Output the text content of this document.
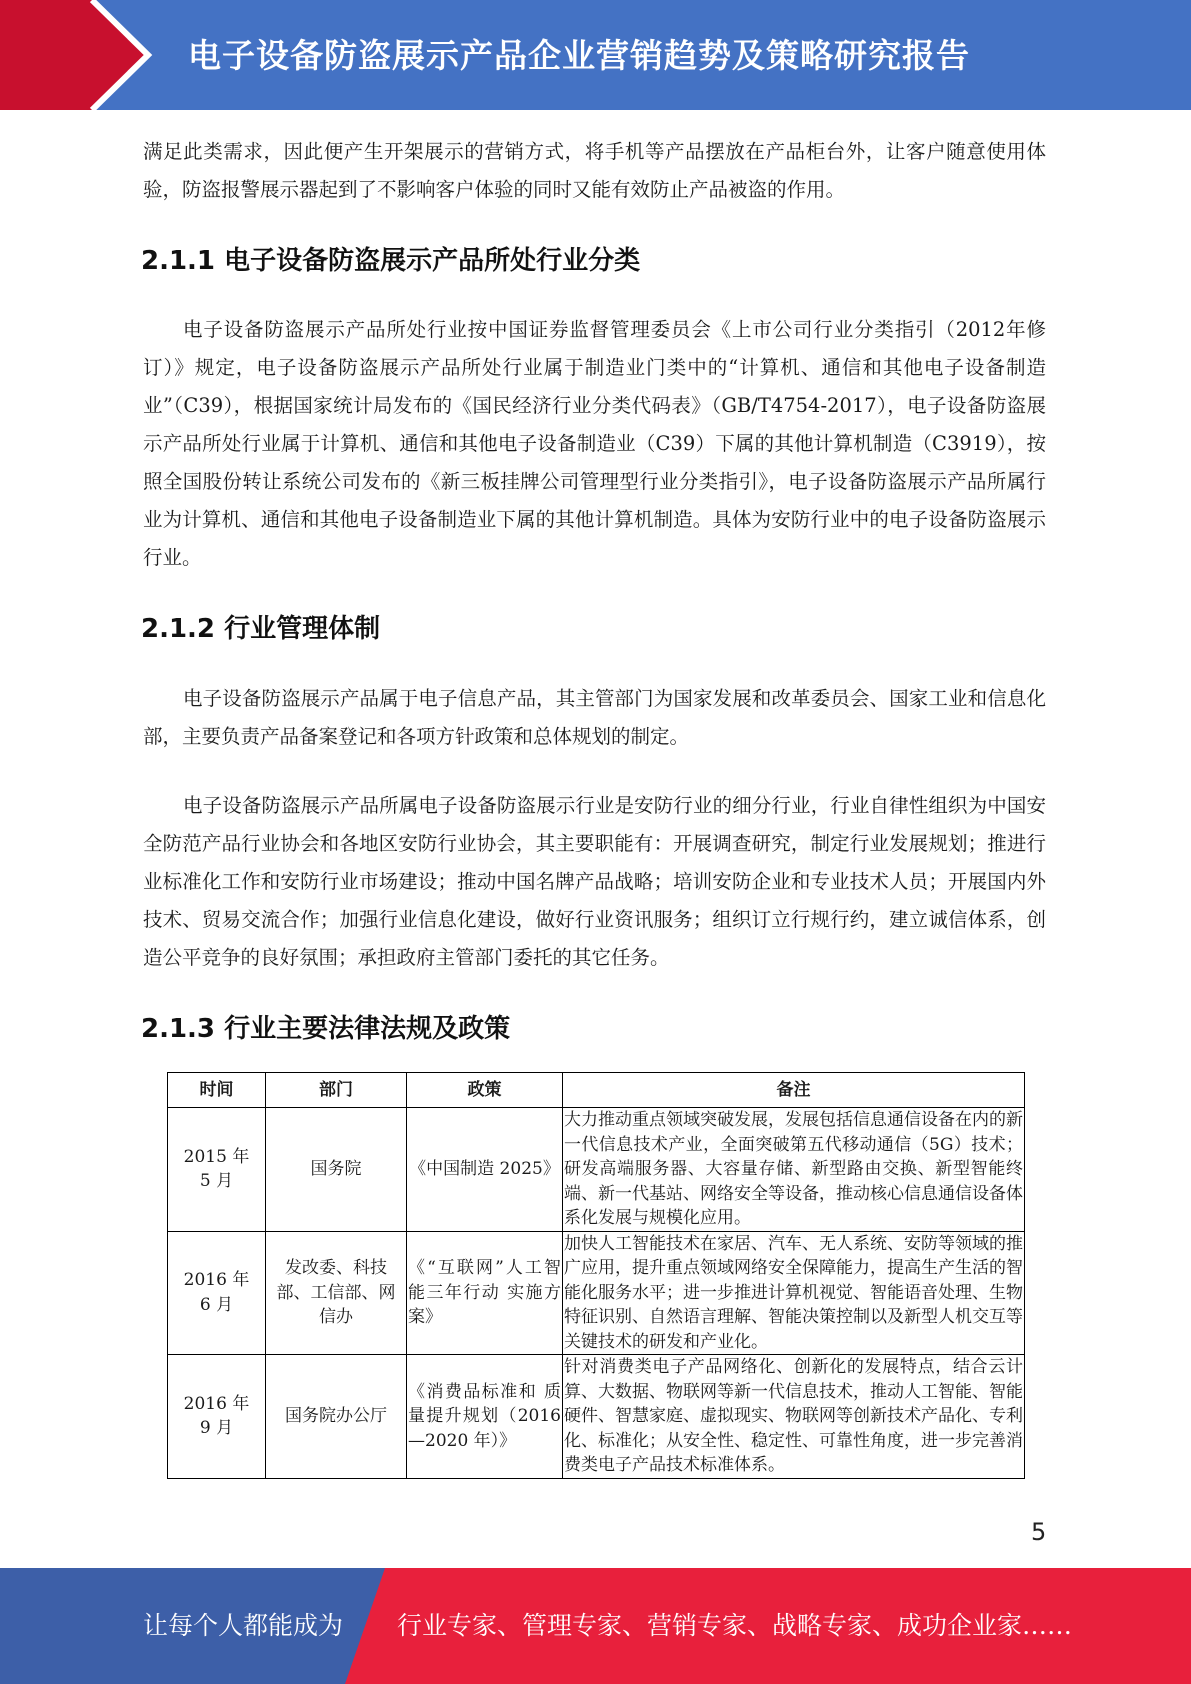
电子设备防盗展示产品企业营销趋势及策略研究报告
满足此类需求，因此便产生开架展示的营销方式，将手机等产品摆放在产品柜台外，让客户随意使用体验，防盗报警展示器起到了不影响客户体验的同时又能有效防止产品被盗的作用。
2.1.1 电子设备防盗展示产品所处行业分类
电子设备防盗展示产品所处行业按中国证券监督管理委员会《上市公司行业分类指引（2012年修订）》规定，电子设备防盗展示产品所处行业属于制造业门类中的“计算机、通信和其他电子设备制造业”（C39），根据国家统计局发布的《国民经济行业分类代码表》（GB/T4754-2017），电子设备防盗展示产品所处行业属于计算机、通信和其他电子设备制造业（C39）下属的其他计算机制造（C3919），按照全国股份转让系统公司发布的《新三板挂牌公司管理型行业分类指引》，电子设备防盗展示产品所属行业为计算机、通信和其他电子设备制造业下属的其他计算机制造。具体为安防行业中的电子设备防盗展示行业。
2.1.2 行业管理体制
电子设备防盗展示产品属于电子信息产品，其主管部门为国家发展和改革委员会、国家工业和信息化部，主要负责产品备案登记和各项方针政策和总体规划的制定。
电子设备防盗展示产品所属电子设备防盗展示行业是安防行业的细分行业，行业自律性组织为中国安全防范产品行业协会和各地区安防行业协会，其主要职能有：开展调查研究，制定行业发展规划；推进行业标准化工作和安防行业市场建设；推动中国名牌产品战略；培训安防企业和专业技术人员；开展国内外技术、贸易交流合作；加强行业信息化建设，做好行业资讯服务；组织订立行规行约，建立诚信体系，创造公平竞争的良好氛围；承担政府主管部门委托的其它任务。
2.1.3 行业主要法律法规及政策
时间	部门	政策	备注
2015 年 5 月	国务院	《中国制造 2025》	大力推动重点领域突破发展，发展包括信息通信设备在内的新一代信息技术产业，全面突破第五代移动通信（5G）技术；研发高端服务器、大容量存储、新型路由交换、新型智能终端、新一代基站、网络安全等设备，推动核心信息通信设备体系化发展与规模化应用。
2016 年 6 月	发改委、科技部、工信部、网信办	《“互联网”人工智能三年行动 实施方案》	加快人工智能技术在家居、汽车、无人系统、安防等领域的推广应用，提升重点领域网络安全保障能力，提高生产生活的智能化服务水平；进一步推进计算机视觉、智能语音处理、生物特征识别、自然语言理解、智能决策控制以及新型人机交互等关键技术的研发和产业化。
2016 年 9 月	国务院办公厅	《消费品标准和 质量提升规划（2016—2020 年）》	针对消费类电子产品网络化、创新化的发展特点，结合云计算、大数据、物联网等新一代信息技术，推动人工智能、智能硬件、智慧家庭、虚拟现实、物联网等创新技术产品化、专利化、标准化；从安全性、稳定性、可靠性角度，进一步完善消费类电子产品技术标准体系。
5
让每个人都能成为 行业专家、管理专家、营销专家、战略专家、成功企业家……
